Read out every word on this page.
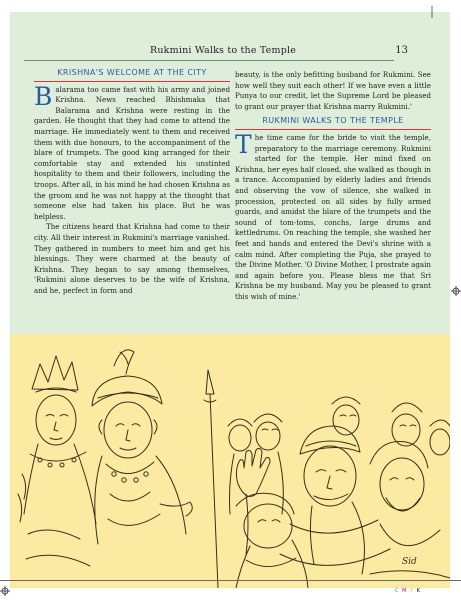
Rukmini Walks to the Temple	13
KRISHNA'S WELCOME AT THE CITY

Balarama too came fast with his army and joined Krishna. News reached Bhishmaka that Balarama and Krishna were resting in the garden. He thought that they had come to attend the marriage. He immediately went to them and received them with due honours, to the accompaniment of the blare of trumpets. The good king arranged for their comfortable stay and extended his unstinted hospitality to them and their followers, including the troops. After all, in his mind he had chosen Krishna as the groom and he was not happy at the thought that someone else had taken his place. But he was helpless.

The citizens heard that Krishna had come to their city. All their interest in Rukmini's marriage vanished. They gathered in numbers to meet him and get his blessings. They were charmed at the beauty of Krishna. They began to say among themselves, 'Rukmini alone deserves to be the wife of Krishna, and he, perfect in form and

beauty, is the only befitting husband for Rukmini. See how well they suit each other! If we have even a little Punya to our credit, let the Supreme Lord be pleased to grant our prayer that Krishna marry Rukmini.'

RUKMINI WALKS TO THE TEMPLE

The time came for the bride to visit the temple, preparatory to the marriage ceremony. Rukmini started for the temple. Her mind fixed on Krishna, her eyes half closed, she walked as though in a trance. Accompanied by elderly ladies and friends and observing the vow of silence, she walked in procession, protected on all sides by fully armed guards, and amidst the blare of the trumpets and the sound of tom-toms, conchs, large drums and kettledrums. On reaching the temple, she washed her feet and hands and entered the Devi's shrine with a calm mind. After completing the Puja, she prayed to the Divine Mother. 'O Divine Mother, I prostrate again and again before you. Please bless me that Sri Krishna be my husband. May you be pleased to grant this wish of mine.'

Sid
C M Y K
